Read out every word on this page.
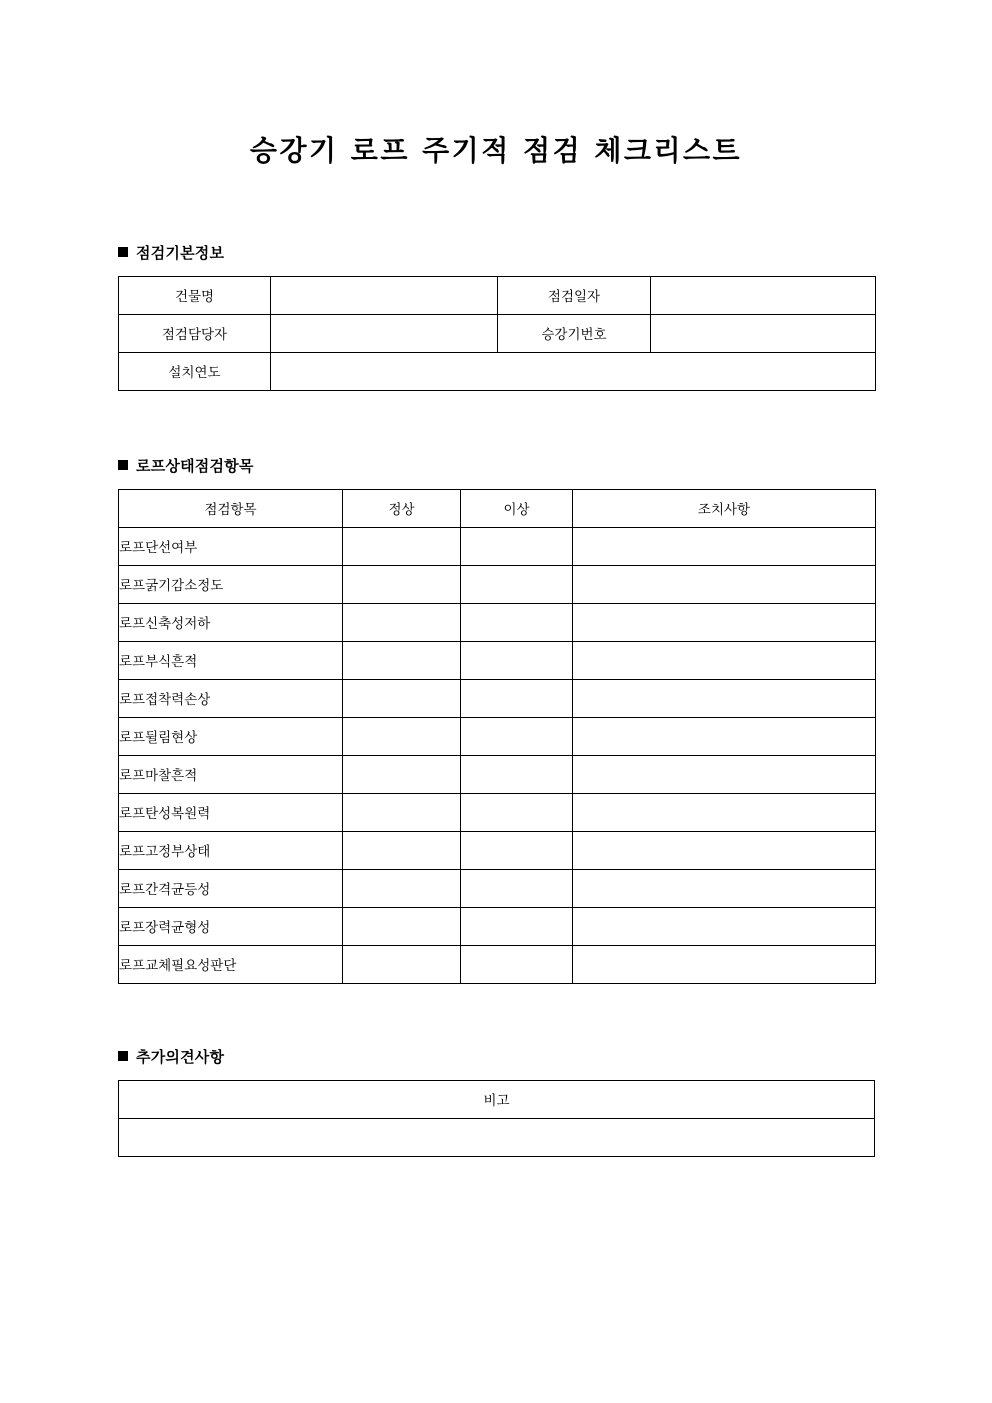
승강기 로프 주기적 점검 체크리스트
점검기본정보
건물명		점검일자	
점검담당자		승강기번호	
설치연도			
로프상태점검항목
점검항목	정상	이상	조치사항
로프단선여부			
로프굵기감소정도			
로프신축성저하			
로프부식흔적			
로프접착력손상			
로프뒬림현상			
로프마찰흔적			
로프탄성복원력			
로프고정부상태			
로프간격균등성			
로프장력균형성			
로프교체필요성판단			
추가의견사항
비고
